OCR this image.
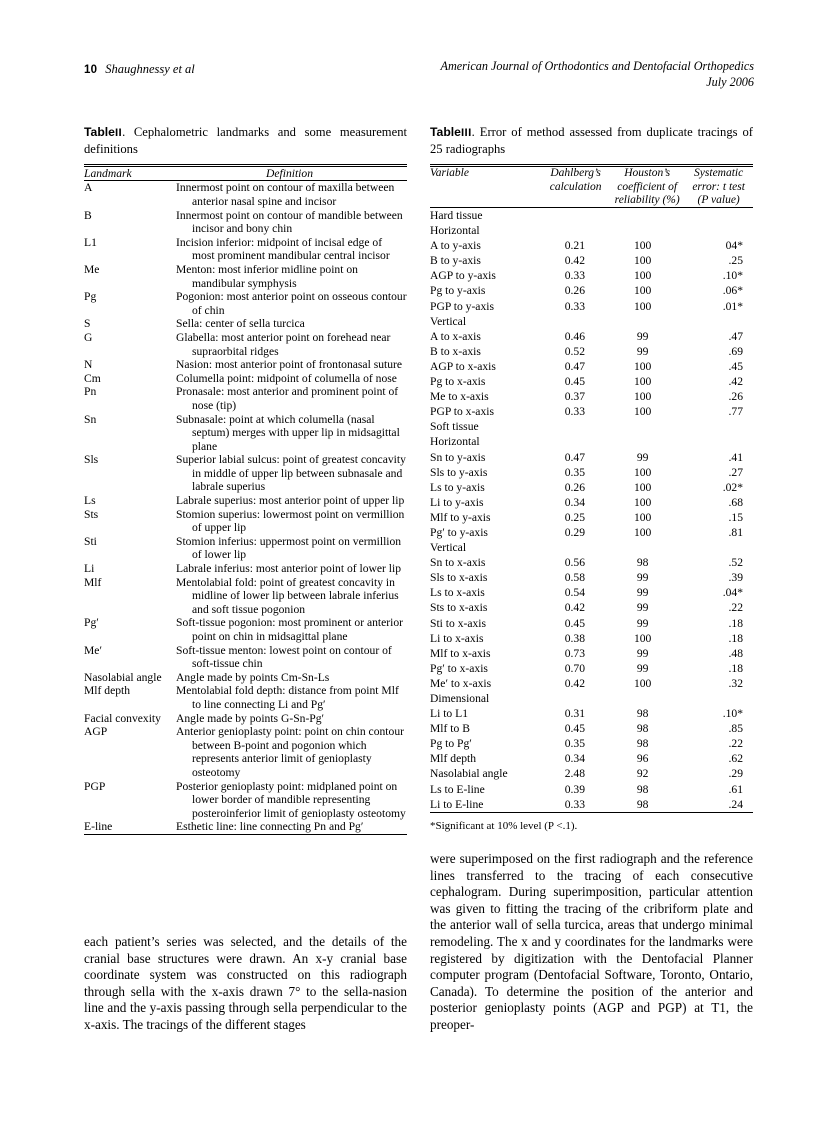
10 Shaughnessy et al	American Journal of Orthodontics and Dentofacial Orthopedics
July 2006
TableII. Cephalometric landmarks and some measurement definitions
Landmark	Definition
A	Innermost point on contour of maxilla between anterior nasal spine and incisor

B	Innermost point on contour of mandible between incisor and bony chin

L1	Incision inferior: midpoint of incisal edge of most prominent mandibular central incisor

Me	Menton: most inferior midline point on mandibular symphysis

Pg	Pogonion: most anterior point on osseous contour of chin

S	Sella: center of sella turcica

G	Glabella: most anterior point on forehead near supraorbital ridges

N	Nasion: most anterior point of frontonasal suture

Cm	Columella point: midpoint of columella of nose

Pn	Pronasale: most anterior and prominent point of nose (tip)

Sn	Subnasale: point at which columella (nasal septum) merges with upper lip in midsagittal plane

Sls	Superior labial sulcus: point of greatest concavity in middle of upper lip between subnasale and labrale superius

Ls	Labrale superius: most anterior point of upper lip

Sts	Stomion superius: lowermost point on vermillion of upper lip

Sti	Stomion inferius: uppermost point on vermillion of lower lip

Li	Labrale inferius: most anterior point of lower lip

Mlf	Mentolabial fold: point of greatest concavity in midline of lower lip between labrale inferius and soft tissue pogonion

Pg′	Soft-tissue pogonion: most prominent or anterior point on chin in midsagittal plane

Me′	Soft-tissue menton: lowest point on contour of soft-tissue chin

Nasolabial angle	Angle made by points Cm-Sn-Ls

Mlf depth	Mentolabial fold depth: distance from point Mlf to line connecting Li and Pg′

Facial convexity	Angle made by points G-Sn-Pg′

AGP	Anterior genioplasty point: point on chin contour between B-point and pogonion which represents anterior limit of genioplasty osteotomy

PGP	Posterior genioplasty point: midplaned point on lower border of mandible representing posteroinferior limit of genioplasty osteotomy

E-line	Esthetic line: line connecting Pn and Pg′
TableIII. Error of method assessed from duplicate tracings of 25 radiographs
Variable	Dahlberg’s
calculation

Houston’s
coefficient of
reliability (%)

Systematic
error: t test
(P value)
Hard tissue			
Horizontal			
A to y-axis	0.21	100	04*
B to y-axis	0.42	100	.25
AGP to y-axis	0.33	100	.10*
Pg to y-axis	0.26	100	.06*
PGP to y-axis	0.33	100	.01*
Vertical			
A to x-axis	0.46	99	.47
B to x-axis	0.52	99	.69
AGP to x-axis	0.47	100	.45
Pg to x-axis	0.45	100	.42
Me to x-axis	0.37	100	.26
PGP to x-axis	0.33	100	.77
Soft tissue			
Horizontal			
Sn to y-axis	0.47	99	.41
Sls to y-axis	0.35	100	.27
Ls to y-axis	0.26	100	.02*
Li to y-axis	0.34	100	.68
Mlf to y-axis	0.25	100	.15
Pg′ to y-axis	0.29	100	.81
Vertical			
Sn to x-axis	0.56	98	.52
Sls to x-axis	0.58	99	.39
Ls to x-axis	0.54	99	.04*
Sts to x-axis	0.42	99	.22
Sti to x-axis	0.45	99	.18
Li to x-axis	0.38	100	.18
Mlf to x-axis	0.73	99	.48
Pg′ to x-axis	0.70	99	.18
Me′ to x-axis	0.42	100	.32
Dimensional			
Li to L1	0.31	98	.10*
Mlf to B	0.45	98	.85
Pg to Pg′	0.35	98	.22
Mlf depth	0.34	96	.62
Nasolabial angle	2.48	92	.29
Ls to E-line	0.39	98	.61
Li to E-line	0.33	98	.24
*Significant at 10% level (P <.1).

each patient’s series was selected, and the details of the cranial base structures were drawn. An x-y cranial base coordinate system was constructed on this radiograph through sella with the x-axis drawn 7° to the sella-nasion line and the y-axis passing through sella perpendicular to the x-axis. The tracings of the different stages

were superimposed on the first radiograph and the reference lines transferred to the tracing of each consecutive cephalogram. During superimposition, particular attention was given to fitting the tracing of the cribriform plate and the anterior wall of sella turcica, areas that undergo minimal remodeling. The x and y coordinates for the landmarks were registered by digitization with the Dentofacial Planner computer program (Dentofacial Software, Toronto, Ontario, Canada). To determine the position of the anterior and posterior genioplasty points (AGP and PGP) at T1, the preoper-
